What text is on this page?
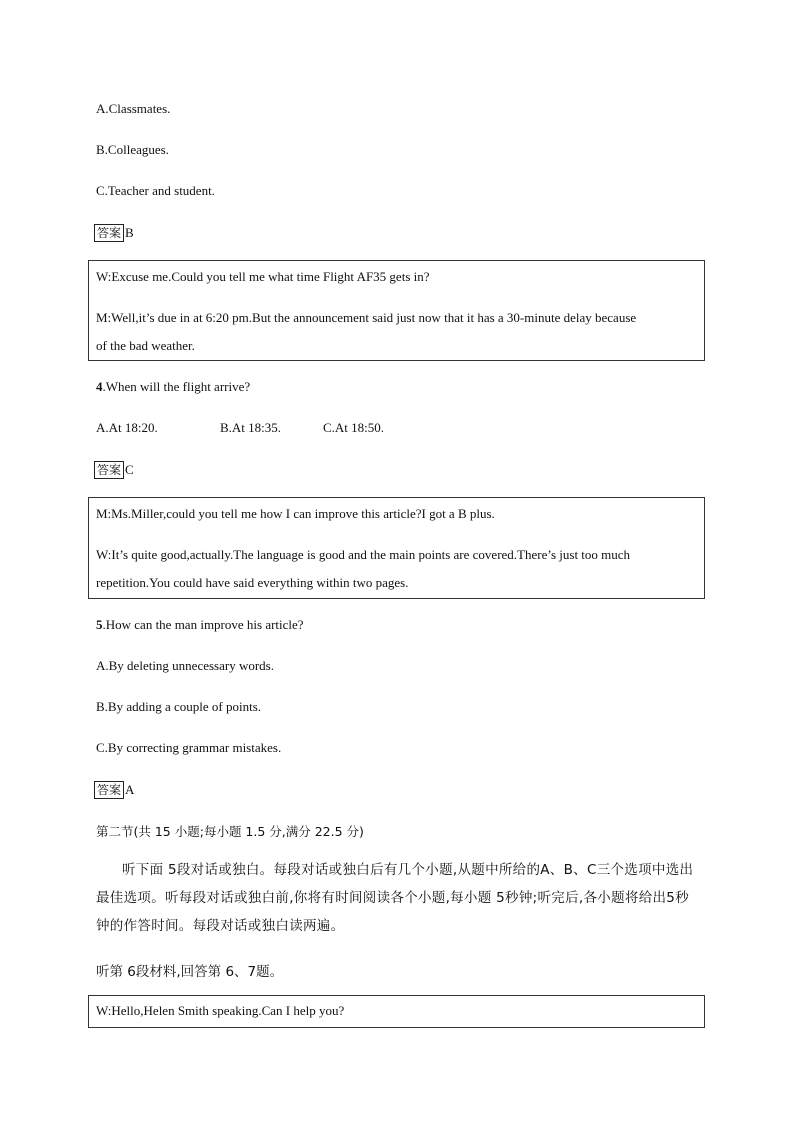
A.Classmates.
B.Colleagues.
C.Teacher and student.
答案 B
W:Excuse me.Could you tell me what time Flight AF35 gets in?
M:Well,it’s due in at 6:20 pm.But the announcement said just now that it has a 30-minute delay because
of the bad weather.
4.When will the flight arrive?
A.At 18:20.	B.At 18:35.	C.At 18:50.
答案 C
M:Ms.Miller,could you tell me how I can improve this article?I got a B plus.
W:It’s quite good,actually.The language is good and the main points are covered.There’s just too much
repetition.You could have said everything within two pages.
5.How can the man improve his article?
A.By deleting unnecessary words.
B.By adding a couple of points.
C.By correcting grammar mistakes.
答案 A
第二节(共 15 小题;每小题 1.5 分,满分 22.5 分)
听下面 5段对话或独白。每段对话或独白后有几个小题,从题中所给的A、B、C三个选项中选出最佳选项。听每段对话或独白前,你将有时间阅读各个小题,每小题 5秒钟;听完后,各小题将给出5秒钟的作答时间。每段对话或独白读两遍。
听第 6段材料,回答第 6、7题。
W:Hello,Helen Smith speaking.Can I help you?
